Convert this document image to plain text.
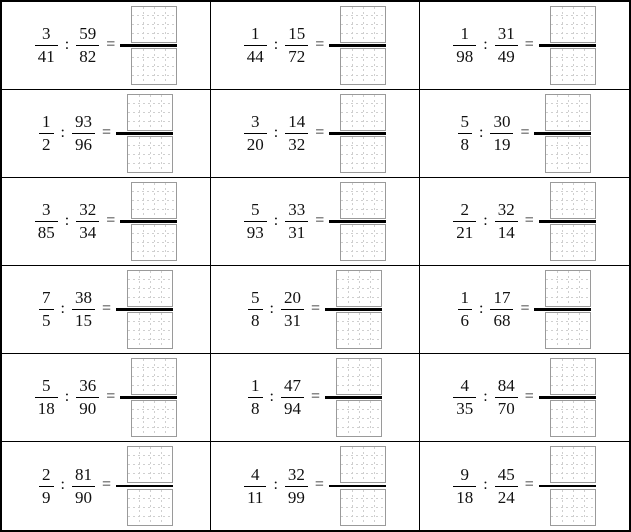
$\frac{3}{41}$ : $\frac{59}{82}$ =	$\frac{1}{44}$ : $\frac{15}{72}$ =	$\frac{1}{98}$ : $\frac{31}{49}$ =
$\frac{1}{2}$ : $\frac{93}{96}$ =	$\frac{3}{20}$ : $\frac{14}{32}$ =	$\frac{5}{8}$ : $\frac{30}{19}$ =
$\frac{3}{85}$ : $\frac{32}{34}$ =	$\frac{5}{93}$ : $\frac{33}{31}$ =	$\frac{2}{21}$ : $\frac{32}{14}$ =
$\frac{7}{5}$ : $\frac{38}{15}$ =	$\frac{5}{8}$ : $\frac{20}{31}$ =	$\frac{1}{6}$ : $\frac{17}{68}$ =
$\frac{5}{18}$ : $\frac{36}{90}$ =	$\frac{1}{8}$ : $\frac{47}{94}$ =	$\frac{4}{35}$ : $\frac{84}{70}$ =
$\frac{2}{9}$ : $\frac{81}{90}$ =	$\frac{4}{11}$ : $\frac{32}{99}$ =	$\frac{9}{18}$ : $\frac{45}{24}$ =
